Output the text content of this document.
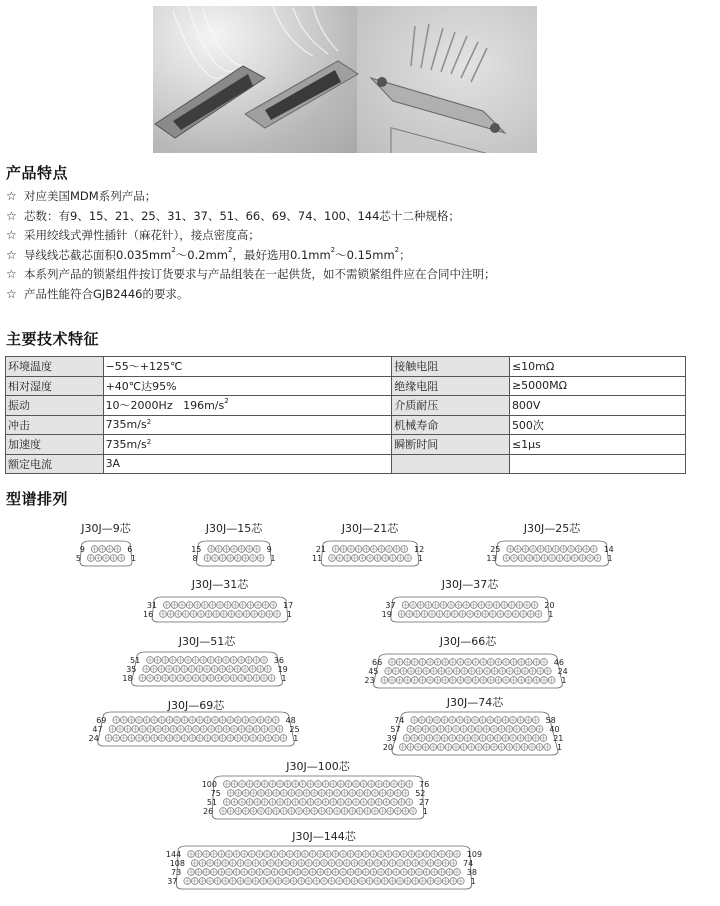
产品特点
☆ 对应美国MDM系列产品；
☆ 芯数：有9、15、21、25、31、37、51、66、69、74、100、144芯十二种规格；
☆ 采用绞线式弹性插针（麻花针），接点密度高；
☆ 导线线芯截芯面积$0.035mm^2\sim 0.2mm^2$，最好选用$0.1mm^2\sim 0.15mm^2$；
☆ 本系列产品的锁紧组件按订货要求与产品组装在一起供货，如不需锁紧组件应在合同中注明；
☆ 产品性能符合GJB2446的要求。
主要技术特征
环境温度	−55～+125℃	接触电阻	≤10mΩ
相对湿度	+40℃达95%	绝缘电阻	≥5000MΩ
振动	10～2000Hz   $196m/s^2$	介质耐压	800V
冲击	$735m/s^2$	机械寿命	500次
加速度	$735m/s^2$	瞬断时间	≤1μs
额定电流	3A		
型谱排列
J30J—9芯
9	6
5	1
J30J—15芯
15	9
8	1
J30J—21芯
21	12
11	1
J30J—25芯
25	14
13	1
J30J—31芯
31	17
16	1
J30J—37芯
37	20
19	1
J30J—51芯
51	36
35	19
18	1
J30J—66芯
66	46
45	24
23	1
J30J—69芯
69	48
47	25
24	1
J30J—74芯
74	58
57	40
39	21
20	1
J30J—100芯
100	76
75	52
51	27
26	1
J30J—144芯
144	109
108	74
73	38
37	1
